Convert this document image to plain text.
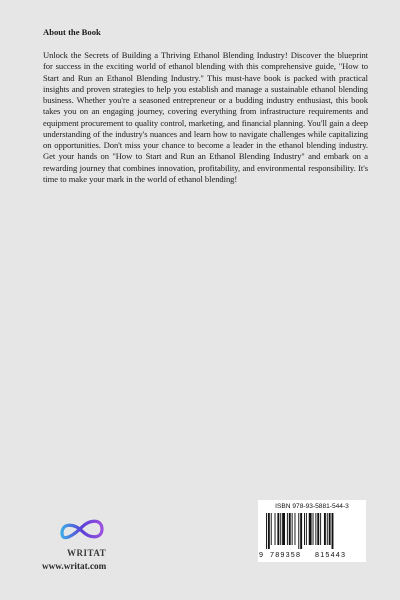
About the Book
Unlock the Secrets of Building a Thriving Ethanol Blending Industry! Discover the blueprint for success in the exciting world of ethanol blending with this comprehensive guide, "How to Start and Run an Ethanol Blending Industry." This must-have book is packed with practical insights and proven strategies to help you establish and manage a sustainable ethanol blending business. Whether you're a seasoned entrepreneur or a budding industry enthusiast, this book takes you on an engaging journey, covering everything from infrastructure requirements and equipment procurement to quality control, marketing, and financial planning. You'll gain a deep understanding of the industry's nuances and learn how to navigate challenges while capitalizing on opportunities. Don't miss your chance to become a leader in the ethanol blending industry. Get your hands on "How to Start and Run an Ethanol Blending Industry" and embark on a rewarding journey that combines innovation, profitability, and environmental responsibility. It's time to make your mark in the world of ethanol blending!
WRITAT
www.writat.com
ISBN 978-93-5881-544-3
9 789358 815443
